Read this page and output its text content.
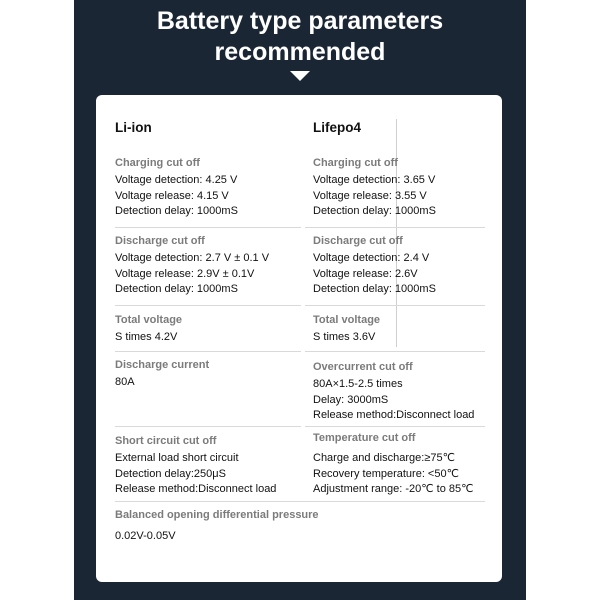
Battery type parameters
recommended
Li-ion	Lifepo4
Charging cut off

Voltage detection: 4.25 V

Voltage release: 4.15 V

Detection delay: 1000mS

Charging cut off

Voltage detection: 3.65 V

Voltage release: 3.55 V

Detection delay: 1000mS

Discharge cut off

Voltage detection: 2.7 V ± 0.1 V

Voltage release: 2.9V ± 0.1V

Detection delay: 1000mS

Discharge cut off

Voltage detection: 2.4 V

Voltage release: 2.6V

Detection delay: 1000mS

Total voltage

S times 4.2V

Total voltage

S times 3.6V

Discharge current

80A

Overcurrent cut off

80A×1.5-2.5 times

Delay: 3000mS

Release method:Disconnect load

Short circuit cut off

External load short circuit

Detection delay:250μS

Release method:Disconnect load

Temperature cut off

Charge and discharge:≥75℃

Recovery temperature: <50℃

Adjustment range: -20℃ to 85℃

Balanced opening differential pressure

0.02V-0.05V
